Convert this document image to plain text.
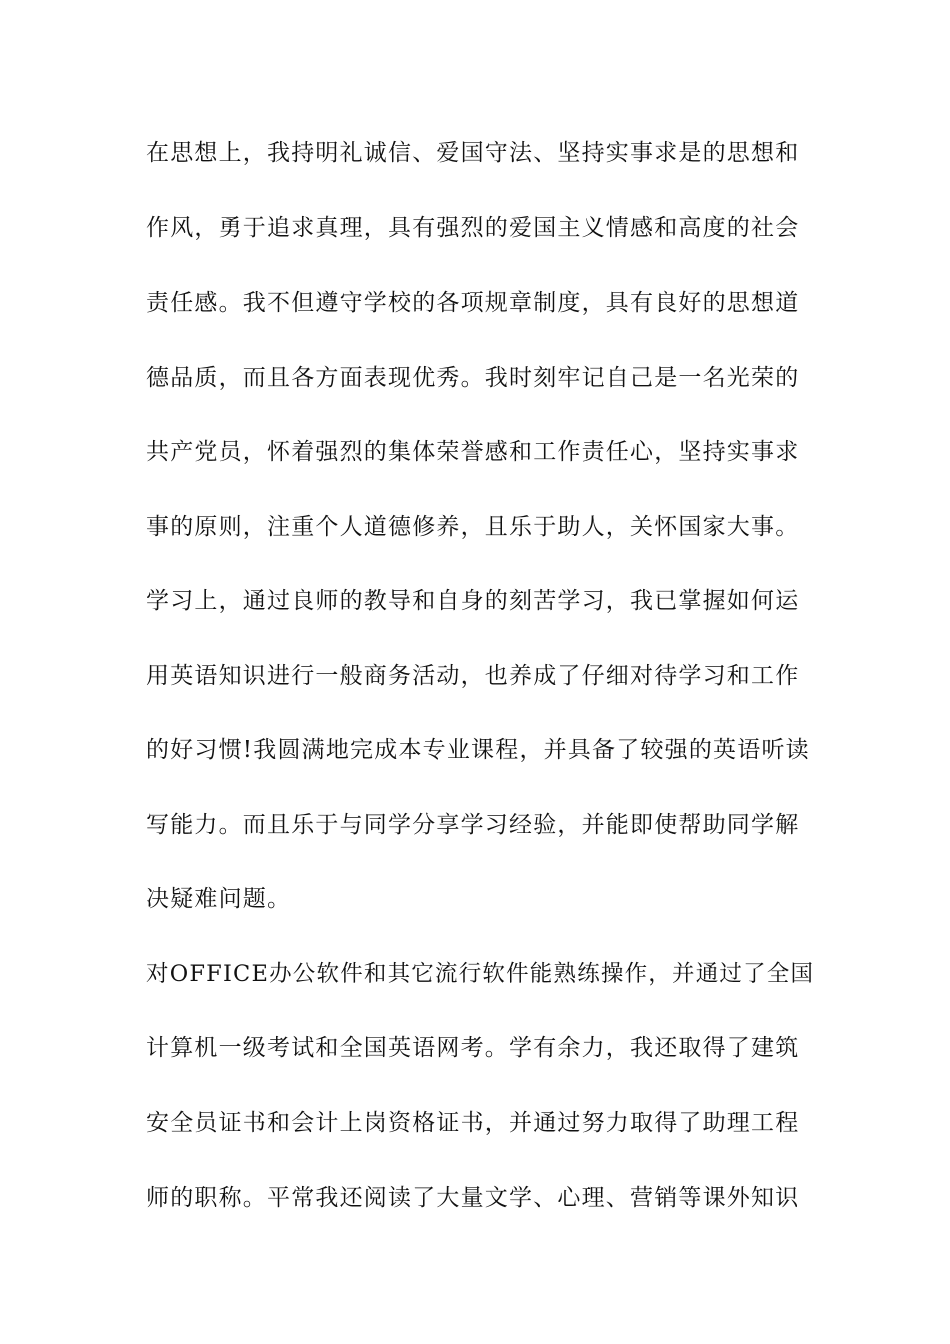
在思想上，我持明礼诚信、爱国守法、坚持实事求是的思想和
作风，勇于追求真理，具有强烈的爱国主义情感和高度的社会
责任感。我不但遵守学校的各项规章制度，具有良好的思想道
德品质，而且各方面表现优秀。我时刻牢记自己是一名光荣的
共产党员，怀着强烈的集体荣誉感和工作责任心，坚持实事求
事的原则，注重个人道德修养，且乐于助人，关怀国家大事。
学习上，通过良师的教导和自身的刻苦学习，我已掌握如何运
用英语知识进行一般商务活动，也养成了仔细对待学习和工作
的好习惯!我圆满地完成本专业课程，并具备了较强的英语听读
写能力。而且乐于与同学分享学习经验，并能即使帮助同学解
决疑难问题。
对OFFICE办公软件和其它流行软件能熟练操作，并通过了全国
计算机一级考试和全国英语网考。学有余力，我还取得了建筑
安全员证书和会计上岗资格证书，并通过努力取得了助理工程
师的职称。平常我还阅读了大量文学、心理、营销等课外知识
